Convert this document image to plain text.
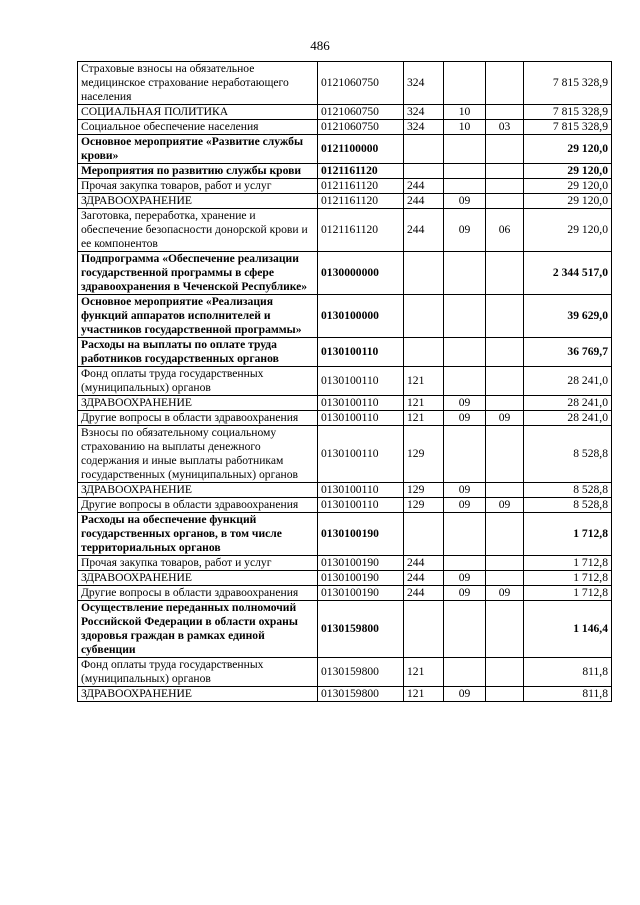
486
Страховые взносы на обязательное медицинское страхование неработающего населения	0121060750	324			7 815 328,9
СОЦИАЛЬНАЯ ПОЛИТИКА	0121060750	324	10		7 815 328,9
Социальное обеспечение населения	0121060750	324	10	03	7 815 328,9
Основное мероприятие «Развитие службы крови»	0121100000				29 120,0
Мероприятия по развитию службы крови	0121161120				29 120,0
Прочая закупка товаров, работ и услуг	0121161120	244			29 120,0
ЗДРАВООХРАНЕНИЕ	0121161120	244	09		29 120,0
Заготовка, переработка, хранение и обеспечение безопасности донорской крови и ее компонентов	0121161120	244	09	06	29 120,0
Подпрограмма «Обеспечение реализации государственной программы в сфере здравоохранения в Чеченской Республике»	0130000000				2 344 517,0
Основное мероприятие «Реализация функций аппаратов исполнителей и участников государственной программы»	0130100000				39 629,0
Расходы на выплаты по оплате труда работников государственных органов	0130100110				36 769,7
Фонд оплаты труда государственных (муниципальных) органов	0130100110	121			28 241,0
ЗДРАВООХРАНЕНИЕ	0130100110	121	09		28 241,0
Другие вопросы в области здравоохранения	0130100110	121	09	09	28 241,0
Взносы по обязательному социальному страхованию на выплаты денежного содержания и иные выплаты работникам государственных (муниципальных) органов	0130100110	129			8 528,8
ЗДРАВООХРАНЕНИЕ	0130100110	129	09		8 528,8
Другие вопросы в области здравоохранения	0130100110	129	09	09	8 528,8
Расходы на обеспечение функций государственных органов, в том числе территориальных органов	0130100190				1 712,8
Прочая закупка товаров, работ и услуг	0130100190	244			1 712,8
ЗДРАВООХРАНЕНИЕ	0130100190	244	09		1 712,8
Другие вопросы в области здравоохранения	0130100190	244	09	09	1 712,8
Осуществление переданных полномочий Российской Федерации в области охраны здоровья граждан в рамках единой субвенции	0130159800				1 146,4
Фонд оплаты труда государственных (муниципальных) органов	0130159800	121			811,8
ЗДРАВООХРАНЕНИЕ	0130159800	121	09		811,8
